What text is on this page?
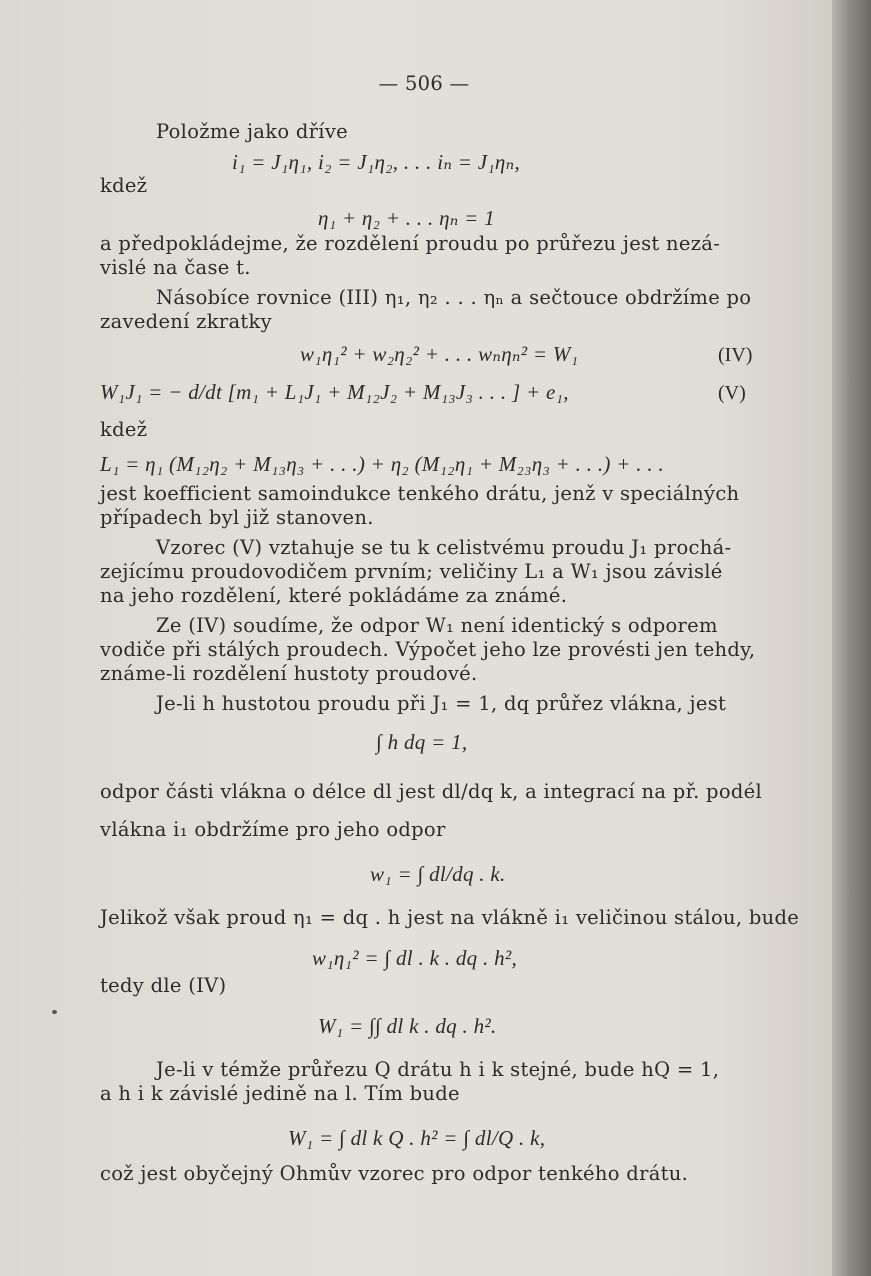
— 506 —
Položme jako dříve
i₁ = J₁η₁, i₂ = J₁η₂, . . . iₙ = J₁ηₙ,
kdež
η₁ + η₂ + . . . ηₙ = 1
a předpokládejme, že rozdělení proudu po průřezu jest nezá-
vislé na čase t.
Násobíce rovnice (III) η₁, η₂ . . . ηₙ a sečtouce obdržíme po
zavedení zkratky
w₁η₁² + w₂η₂² + . . . wₙηₙ² = W₁
W₁J₁ = − d/dt [m₁ + L₁J₁ + M₁₂J₂ + M₁₃J₃ . . . ] + e₁,
kdež
L₁ = η₁ (M₁₂η₂ + M₁₃η₃ + . . .) + η₂ (M₁₂η₁ + M₂₃η₃ + . . .) + . . .
jest koefficient samoindukce tenkého drátu, jenž v speciálných
případech byl již stanoven.
Vzorec (V) vztahuje se tu k celistvému proudu J₁ prochá-
zejícímu proudovodičem prvním; veličiny L₁ a W₁ jsou závislé
na jeho rozdělení, které pokládáme za známé.
Ze (IV) soudíme, že odpor W₁ není identický s odporem
vodiče při stálých proudech. Výpočet jeho lze provésti jen tehdy,
známe-li rozdělení hustoty proudové.
Je-li h hustotou proudu při J₁ = 1, dq průřez vlákna, jest
∫ h dq = 1,
odpor části vlákna o délce dl jest dl/dq k, a integrací na př. podél
vlákna i₁ obdržíme pro jeho odpor
w₁ = ∫ dl/dq . k.
Jelikož však proud η₁ = dq . h jest na vlákně i₁ veličinou stálou, bude
w₁η₁² = ∫ dl . k . dq . h²,
tedy dle (IV)
W₁ = ∫∫ dl k . dq . h².
Je-li v témže průřezu Q drátu h i k stejné, bude hQ = 1,
a h i k závislé jedině na l. Tím bude
W₁ = ∫ dl k Q . h² = ∫ dl/Q . k,
což jest obyčejný Ohmův vzorec pro odpor tenkého drátu.
(IV)
(V)
